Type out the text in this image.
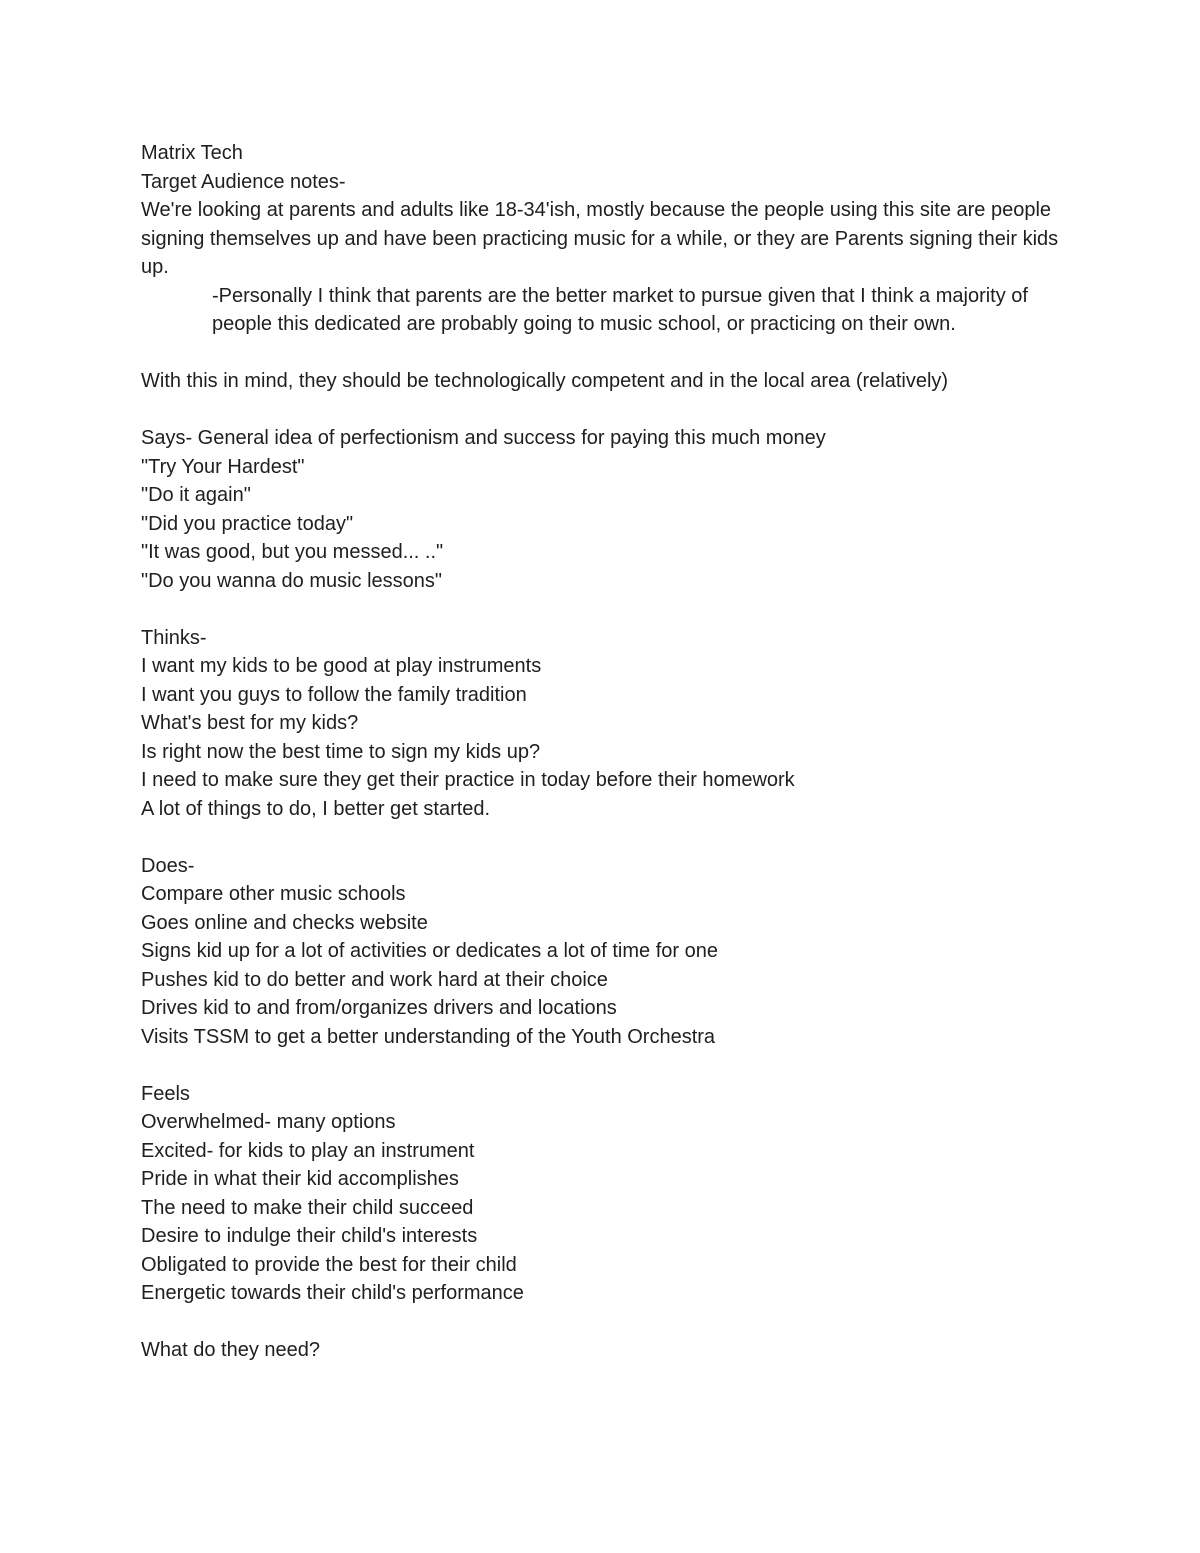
Matrix Tech

Target Audience notes-

We're looking at parents and adults like 18-34'ish, mostly because the people using this site are people signing themselves up and have been practicing music for a while, or they are Parents signing their kids up.

-Personally I think that parents are the better market to pursue given that I think a majority of people this dedicated are probably going to music school, or practicing on their own.

With this in mind, they should be technologically competent and in the local area (relatively)

Says- General idea of perfectionism and success for paying this much money

"Try Your Hardest"

"Do it again"

"Did you practice today"

"It was good, but you messed... .."

"Do you wanna do music lessons"

Thinks-

I want my kids to be good at play instruments

I want you guys to follow the family tradition

What's best for my kids?

Is right now the best time to sign my kids up?

I need to make sure they get their practice in today before their homework

A lot of things to do, I better get started.

Does-

Compare other music schools

Goes online and checks website

Signs kid up for a lot of activities or dedicates a lot of time for one

Pushes kid to do better and work hard at their choice

Drives kid to and from/organizes drivers and locations

Visits TSSM to get a better understanding of the Youth Orchestra

Feels

Overwhelmed- many options

Excited- for kids to play an instrument

Pride in what their kid accomplishes

The need to make their child succeed

Desire to indulge their child's interests

Obligated to provide the best for their child

Energetic towards their child's performance

What do they need?
